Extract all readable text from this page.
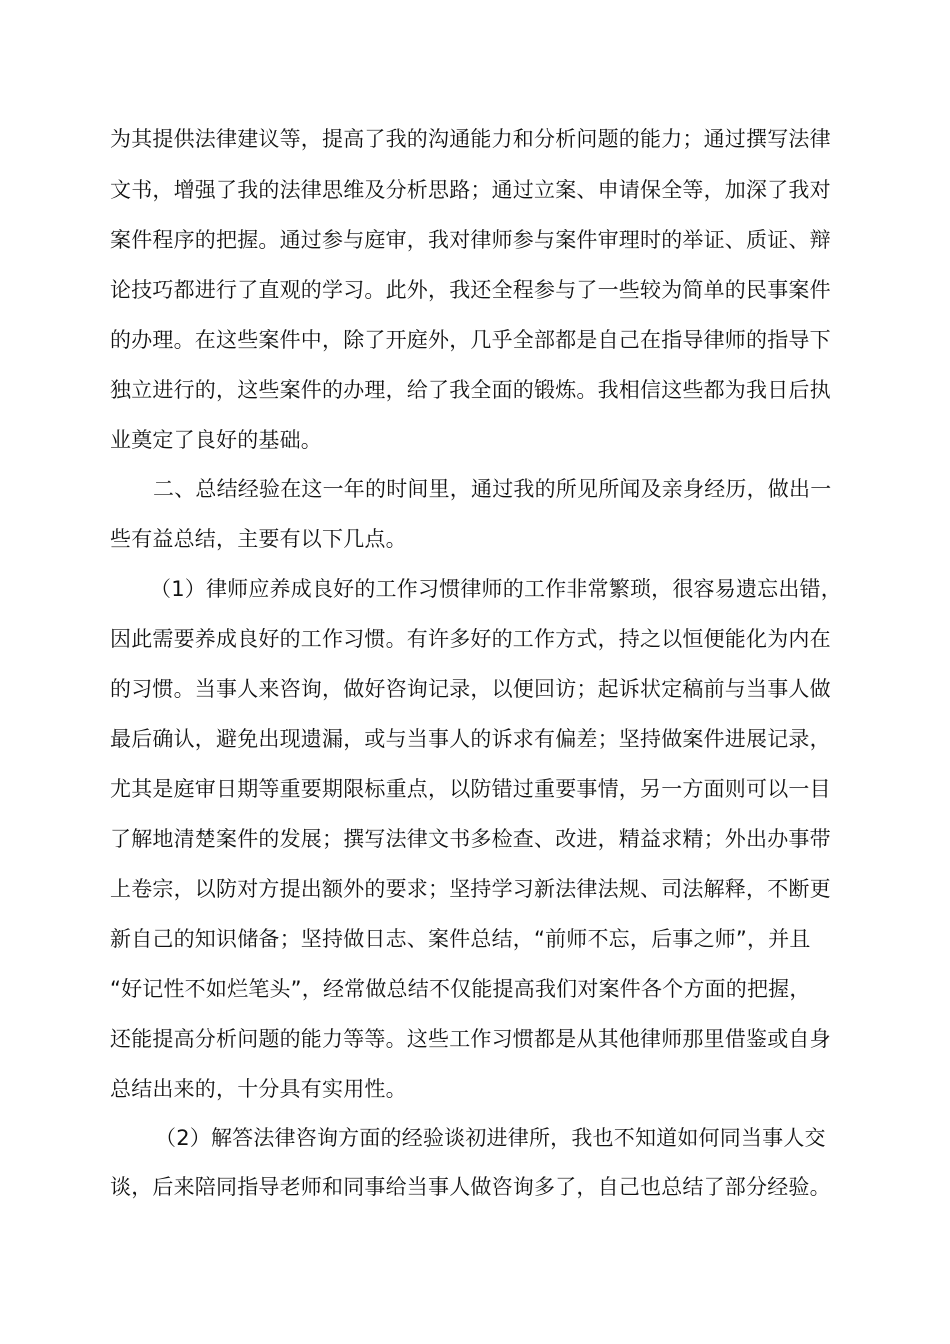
为其提供法律建议等，提高了我的沟通能力和分析问题的能力；通过撰写法律
文书，增强了我的法律思维及分析思路；通过立案、申请保全等，加深了我对
案件程序的把握。通过参与庭审，我对律师参与案件审理时的举证、质证、辩
论技巧都进行了直观的学习。此外，我还全程参与了一些较为简单的民事案件
的办理。在这些案件中，除了开庭外，几乎全部都是自己在指导律师的指导下
独立进行的，这些案件的办理，给了我全面的锻炼。我相信这些都为我日后执
业奠定了良好的基础。
二、总结经验在这一年的时间里，通过我的所见所闻及亲身经历，做出一
些有益总结，主要有以下几点。
（1）律师应养成良好的工作习惯律师的工作非常繁琐，很容易遗忘出错，
因此需要养成良好的工作习惯。有许多好的工作方式，持之以恒便能化为内在
的习惯。当事人来咨询，做好咨询记录，以便回访；起诉状定稿前与当事人做
最后确认，避免出现遗漏，或与当事人的诉求有偏差；坚持做案件进展记录，
尤其是庭审日期等重要期限标重点，以防错过重要事情，另一方面则可以一目
了解地清楚案件的发展；撰写法律文书多检查、改进，精益求精；外出办事带
上卷宗，以防对方提出额外的要求；坚持学习新法律法规、司法解释，不断更
新自己的知识储备；坚持做日志、案件总结，“前师不忘，后事之师”，并且
“好记性不如烂笔头”，经常做总结不仅能提高我们对案件各个方面的把握，
还能提高分析问题的能力等等。这些工作习惯都是从其他律师那里借鉴或自身
总结出来的，十分具有实用性。
（2）解答法律咨询方面的经验谈初进律所，我也不知道如何同当事人交
谈，后来陪同指导老师和同事给当事人做咨询多了，自己也总结了部分经验。
